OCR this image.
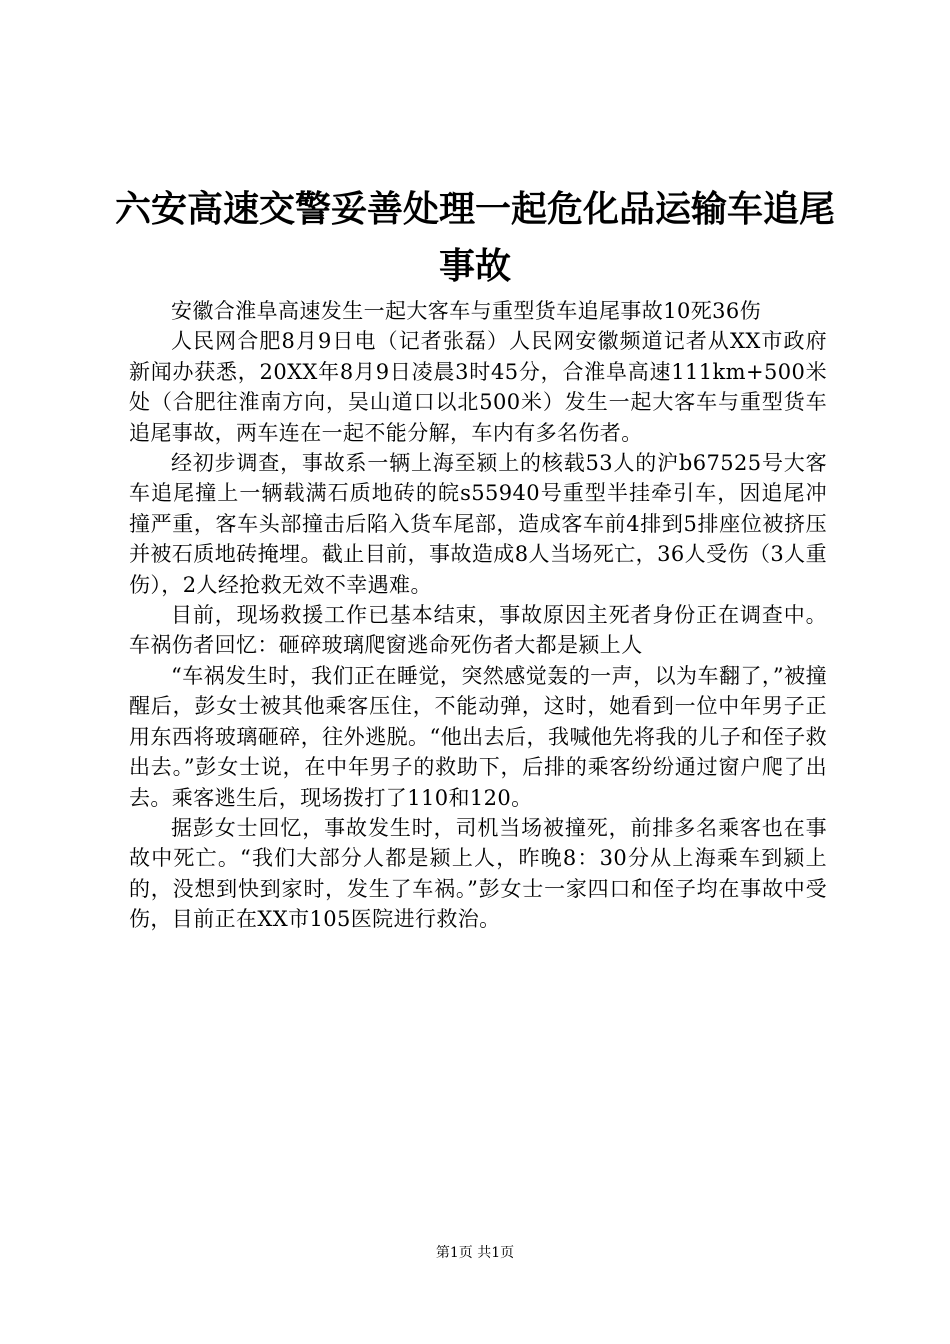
六安高速交警妥善处理一起危化品运输车追尾
事故

安徽合淮阜高速发生一起大客车与重型货车追尾事故10死36伤

人民网合肥8月9日电（记者张磊）人民网安徽频道记者从XX市政府新闻办获悉，20XX年8月9日凌晨3时45分，合淮阜高速111km+500米处（合肥往淮南方向，吴山道口以北500米）发生一起大客车与重型货车追尾事故，两车连在一起不能分解，车内有多名伤者。

经初步调查，事故系一辆上海至颍上的核载53人的沪b67525号大客车追尾撞上一辆载满石质地砖的皖s55940号重型半挂牵引车，因追尾冲撞严重，客车头部撞击后陷入货车尾部，造成客车前4排到5排座位被挤压并被石质地砖掩埋。截止目前，事故造成8人当场死亡，36人受伤（3人重伤），2人经抢救无效不幸遇难。

目前，现场救援工作已基本结束，事故原因主死者身份正在调查中。车祸伤者回忆：砸碎玻璃爬窗逃命死伤者大都是颍上人

“车祸发生时，我们正在睡觉，突然感觉轰的一声，以为车翻了，”被撞醒后，彭女士被其他乘客压住，不能动弹，这时，她看到一位中年男子正用东西将玻璃砸碎，往外逃脱。“他出去后，我喊他先将我的儿子和侄子救出去。”彭女士说，在中年男子的救助下，后排的乘客纷纷通过窗户爬了出去。乘客逃生后，现场拨打了110和120。

据彭女士回忆，事故发生时，司机当场被撞死，前排多名乘客也在事故中死亡。“我们大部分人都是颍上人，昨晚8：30分从上海乘车到颍上的，没想到快到家时，发生了车祸。”彭女士一家四口和侄子均在事故中受伤，目前正在XX市105医院进行救治。

第1页 共1页
